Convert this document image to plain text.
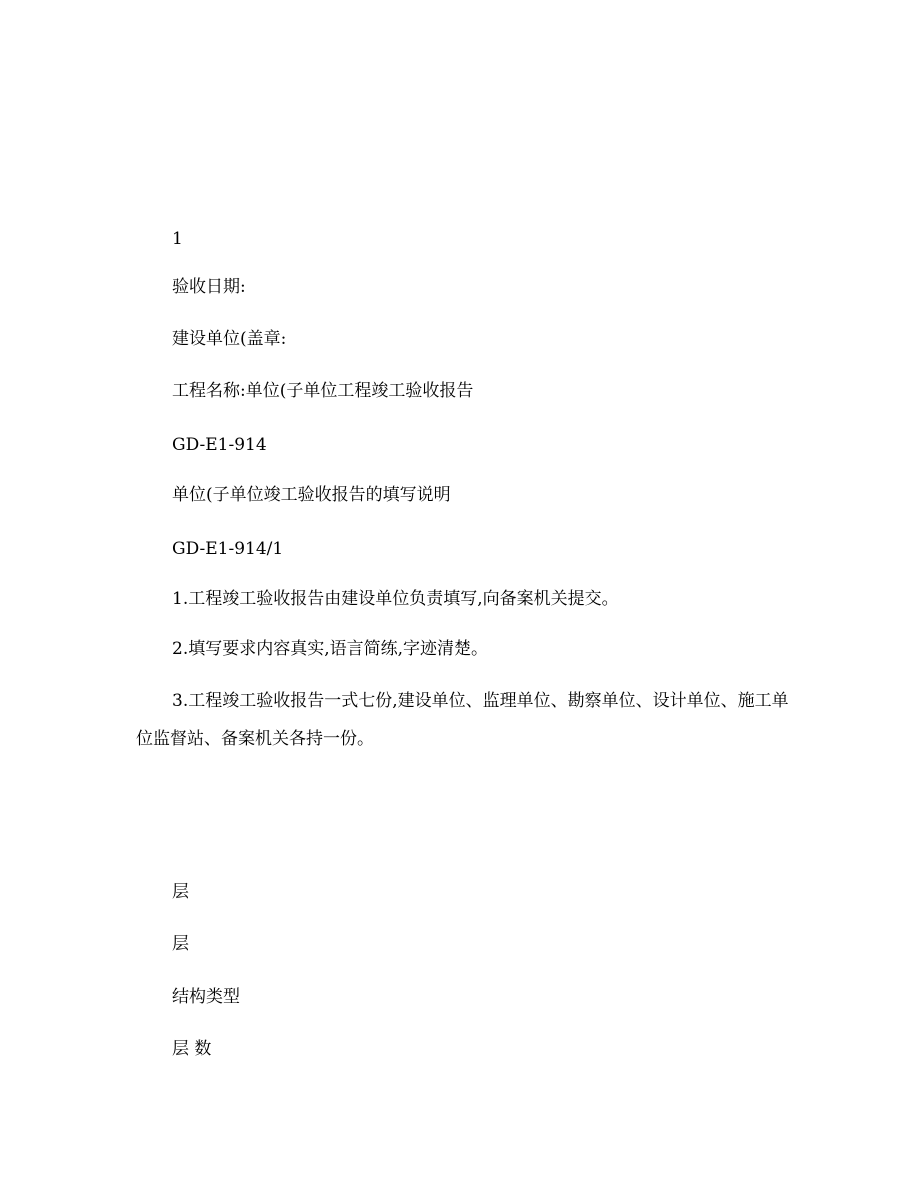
1
验收日期:
建设单位(盖章:
工程名称:单位(子单位工程竣工验收报告
GD-E1-914
单位(子单位竣工验收报告的填写说明
GD-E1-914/1
1.工程竣工验收报告由建设单位负责填写,向备案机关提交。
2.填写要求内容真实,语言简练,字迹清楚。

3.工程竣工验收报告一式七份,建设单位、监理单位、勘察单位、设计单位、施工单位监督站、备案机关各持一份。

层
层
结构类型
层 数
